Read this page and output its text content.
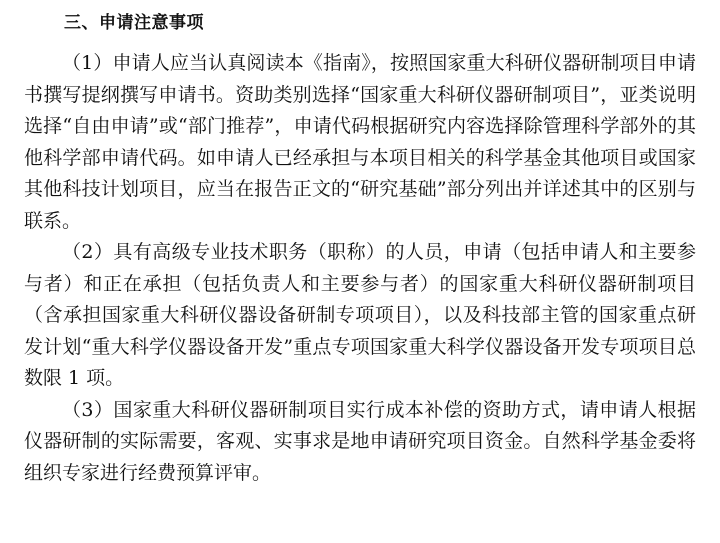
三、申请注意事项

（1）申请人应当认真阅读本《指南》，按照国家重大科研仪器研制项目申请书撰写提纲撰写申请书。资助类别选择“国家重大科研仪器研制项目”，亚类说明选择“自由申请”或“部门推荐”，申请代码根据研究内容选择除管理科学部外的其他科学部申请代码。如申请人已经承担与本项目相关的科学基金其他项目或国家其他科技计划项目，应当在报告正文的“研究基础”部分列出并详述其中的区别与联系。

（2）具有高级专业技术职务（职称）的人员，申请（包括申请人和主要参与者）和正在承担（包括负责人和主要参与者）的国家重大科研仪器研制项目（含承担国家重大科研仪器设备研制专项项目），以及科技部主管的国家重点研发计划“重大科学仪器设备开发”重点专项国家重大科学仪器设备开发专项项目总数限 1 项。

（3）国家重大科研仪器研制项目实行成本补偿的资助方式，请申请人根据仪器研制的实际需要，客观、实事求是地申请研究项目资金。自然科学基金委将组织专家进行经费预算评审。
